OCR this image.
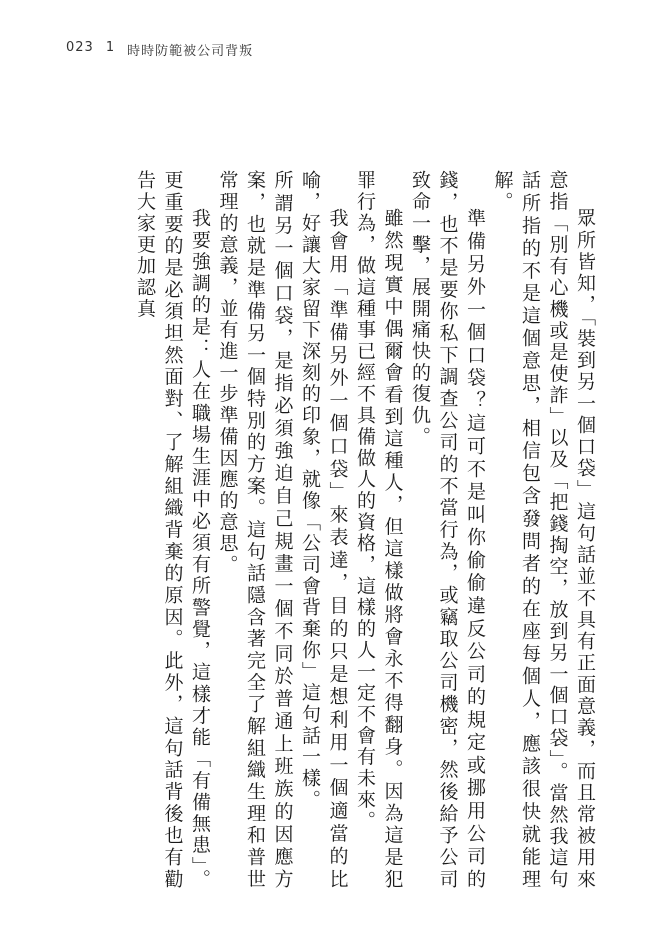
023 1 時時防範被公司背叛

眾所皆知，「裝到另一個口袋」這句話並不具有正面意義，而且常被用來意指「別有心機或是使詐」以及「把錢掏空，放到另一個口袋」。當然我這句話所指的不是這個意思，相信包含發問者的在座每個人，應該很快就能理解。

準備另外一個口袋？這可不是叫你偷偷違反公司的規定或挪用公司的錢，也不是要你私下調查公司的不當行為，或竊取公司機密，然後給予公司致命一擊，展開痛快的復仇。

雖然現實中偶爾會看到這種人，但這樣做將會永不得翻身。因為這是犯罪行為，做這種事已經不具備做人的資格，這樣的人一定不會有未來。

我會用「準備另外一個口袋」來表達，目的只是想利用一個適當的比喻，好讓大家留下深刻的印象，就像「公司會背棄你」這句話一樣。

所謂另一個口袋，是指必須強迫自己規畫一個不同於普通上班族的因應方案，也就是準備另一個特別的方案。這句話隱含著完全了解組織生理和普世常理的意義，並有進一步準備因應的意思。

我要強調的是：人在職場生涯中必須有所警覺，這樣才能「有備無患」。更重要的是必須坦然面對、了解組織背棄的原因。此外，這句話背後也有勸告大家更加認真
